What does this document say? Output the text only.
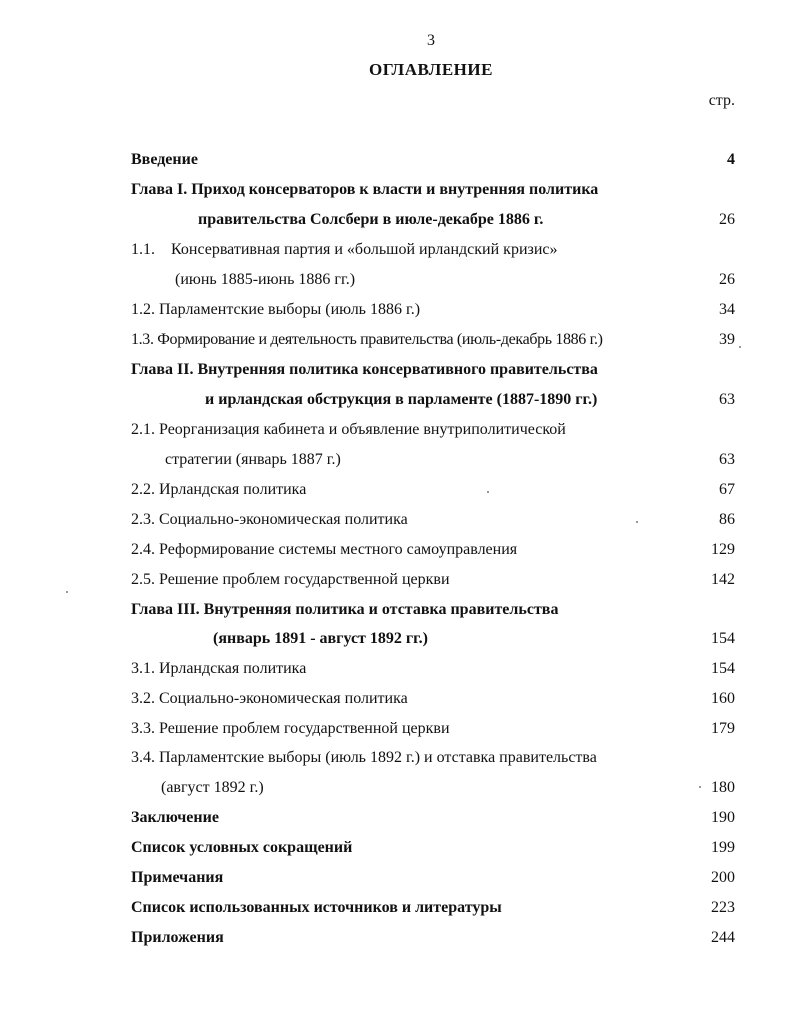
3
ОГЛАВЛЕНИЕ
стр.
Введение	4
Глава I. Приход консерваторов к власти и внутренняя политика
правительства Солсбери в июле-декабре 1886 г.	26
1.1.    Консервативная партия и «большой ирландский кризис»
(июнь 1885-июнь 1886 гг.)	26
1.2. Парламентские выборы (июль 1886 г.)	34
1.3. Формирование и деятельность правительства (июль-декабрь 1886 г.)	39
Глава II. Внутренняя политика консервативного правительства
и ирландская обструкция в парламенте (1887-1890 гг.)	63
2.1. Реорганизация кабинета и объявление внутриполитической
стратегии (январь 1887 г.)	63
2.2. Ирландская политика	67
2.3. Социально-экономическая политика	86
2.4. Реформирование системы местного самоуправления	129
2.5. Решение проблем государственной церкви	142
Глава III. Внутренняя политика и отставка правительства
(январь 1891 - август 1892 гг.)	154
3.1. Ирландская политика	154
3.2. Социально-экономическая политика	160
3.3. Решение проблем государственной церкви	179
3.4. Парламентские выборы (июль 1892 г.) и отставка правительства
(август 1892 г.)	180
Заключение	190
Список условных сокращений	199
Примечания	200
Список использованных источников и литературы	223
Приложения	244
